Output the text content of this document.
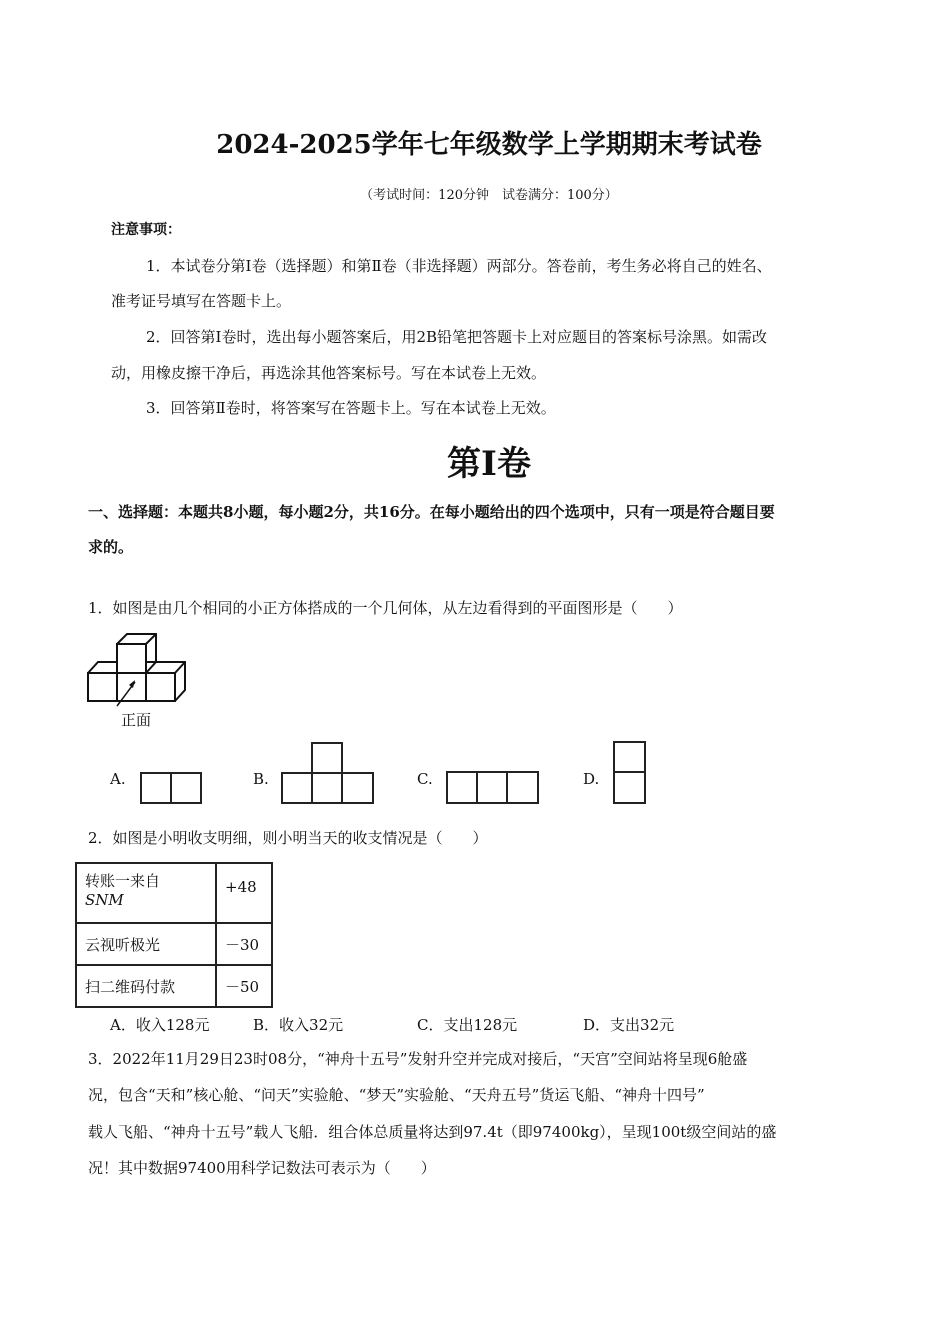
2024-2025学年七年级数学上学期期末考试卷
（考试时间：120分钟　试卷满分：100分）
注意事项：
1．本试卷分第Ⅰ卷（选择题）和第Ⅱ卷（非选择题）两部分。答卷前，考生务必将自己的姓名、
准考证号填写在答题卡上。
2．回答第Ⅰ卷时，选出每小题答案后，用2B铅笔把答题卡上对应题目的答案标号涂黑。如需改
动，用橡皮擦干净后，再选涂其他答案标号。写在本试卷上无效。
3．回答第Ⅱ卷时，将答案写在答题卡上。写在本试卷上无效。
第Ⅰ卷
一、选择题：本题共8小题，每小题2分，共16分。在每小题给出的四个选项中，只有一项是符合题目要
求的。
1．如图是由几个相同的小正方体搭成的一个几何体，从左边看得到的平面图形是（　　）
正面
A.	B.	C.	D.
2．如图是小明收支明细，则小明当天的收支情况是（　　）
转账一来自
SNM	+48
云视听极光	－30
扫二维码付款	－50
A．收入128元	B．收入32元	C．支出128元	D．支出32元
3．2022年11月29日23时08分，“神舟十五号”发射升空并完成对接后，“天宫”空间站将呈现6舱盛
况，包含“天和”核心舱、“问天”实验舱、“梦天”实验舱、“天舟五号”货运飞船、“神舟十四号”
载人飞船、“神舟十五号”载人飞船．组合体总质量将达到97.4t（即97400kg），呈现100t级空间站的盛
况！其中数据97400用科学记数法可表示为（　　）
